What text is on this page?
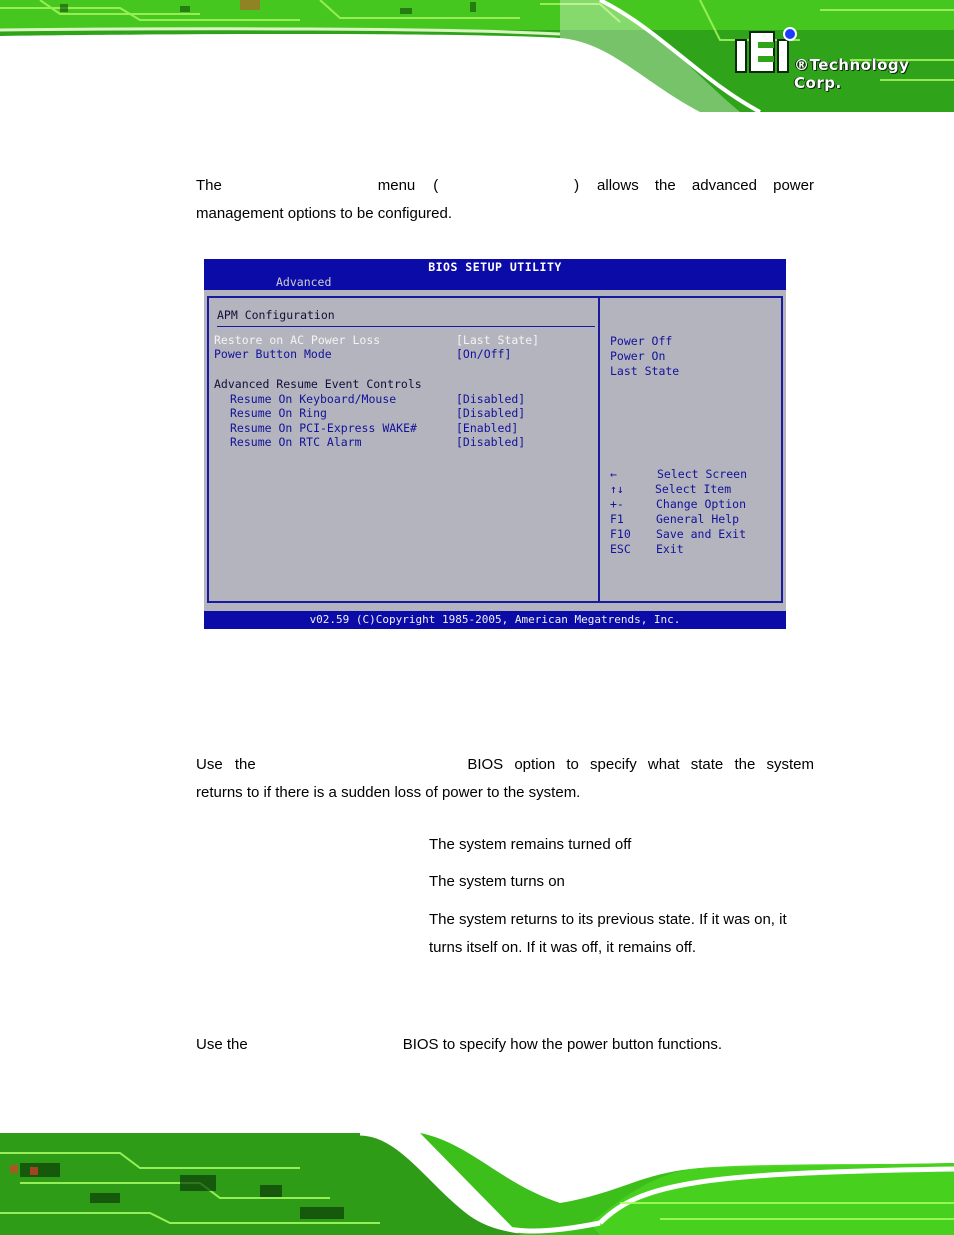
®Technology Corp.
The	menu (	) allows the advanced power
management options to be configured.
BIOS SETUP UTILITY
Advanced
APM Configuration
Restore on AC Power Loss	[Last State]
Power Button Mode	[On/Off]
Advanced Resume Event Controls
Resume On Keyboard/Mouse	[Disabled]
Resume On Ring	[Disabled]
Resume On PCI-Express WAKE#	[Enabled]
Resume On RTC Alarm	[Disabled]
Power Off
Power On
Last State
←	Select Screen
↑↓	Select Item
+-	Change Option
F1	General Help
F10 Save and Exit
ESC Exit
v02.59 (C)Copyright 1985-2005, American Megatrends, Inc.
Use the	BIOS option to specify what state the system
returns to if there is a sudden loss of power to the system.
The system remains turned off
The system turns on
The system returns to its previous state. If it was on, it
turns itself on. If it was off, it remains off.
Use the	BIOS to specify how the power button functions.
